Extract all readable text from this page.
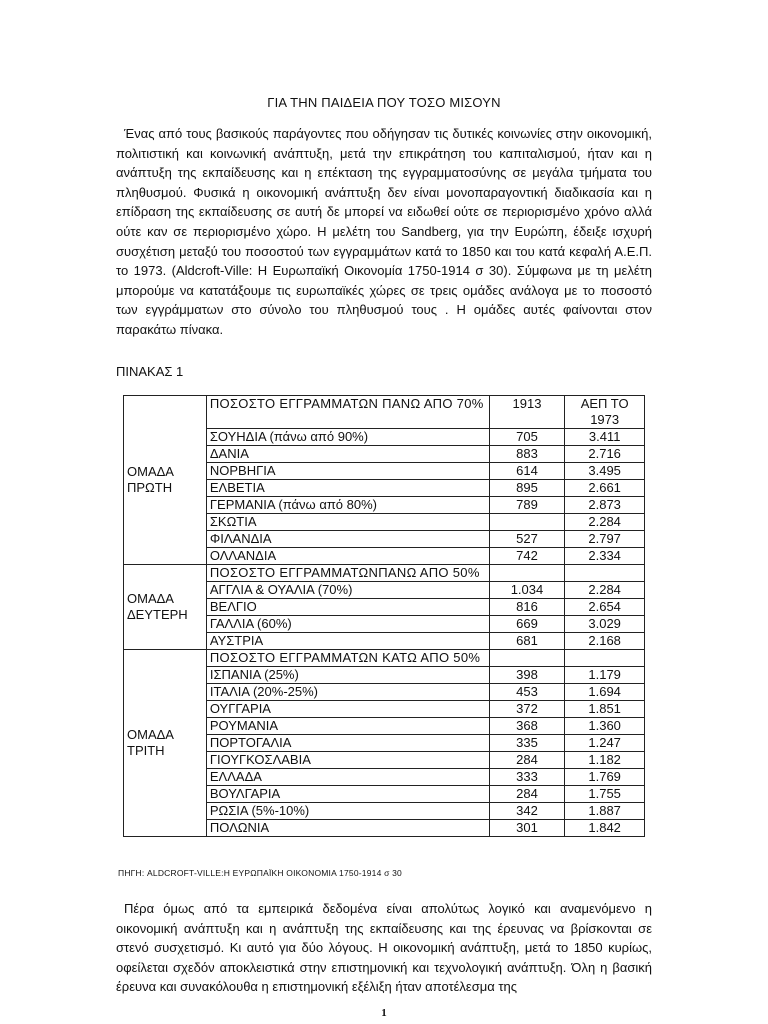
ΓΙΑ ΤΗΝ ΠΑΙΔΕΙΑ ΠΟΥ ΤΟΣΟ ΜΙΣΟΥΝ

Ένας από τους βασικούς παράγοντες που οδήγησαν τις δυτικές κοινωνίες στην οικονομική, πολιτιστική και κοινωνική ανάπτυξη, μετά την επικράτηση του καπιταλισμού, ήταν και η ανάπτυξη της εκπαίδευσης και η επέκταση της εγγραμματοσύνης σε μεγάλα τμήματα του πληθυσμού. Φυσικά η οικονομική ανάπτυξη δεν είναι μονοπαραγοντική διαδικασία και η επίδραση της εκπαίδευσης σε αυτή δε μπορεί να ειδωθεί ούτε σε περιορισμένο χρόνο αλλά ούτε καν σε περιορισμένο χώρο. Η μελέτη του Sandberg, για την Ευρώπη, έδειξε ισχυρή συσχέτιση μεταξύ του ποσοστού των εγγραμμάτων κατά το 1850 και του κατά κεφαλή Α.Ε.Π. το 1973. (Aldcroft-Ville: Η Ευρωπαϊκή Οικονομία 1750-1914 σ 30). Σύμφωνα με τη μελέτη μπορούμε να κατατάξουμε τις ευρωπαϊκές χώρες σε τρεις ομάδες ανάλογα με το ποσοστό των εγγράμματων στο σύνολο του πληθυσμού τους . Η ομάδες αυτές φαίνονται στον παρακάτω πίνακα.

ΠΙΝΑΚΑΣ 1
ΟΜΑΔΑ ΠΡΩΤΗ	ΠΟΣΟΣΤΟ ΕΓΓΡΑΜΜΑΤΩΝ ΠΑΝΩ ΑΠΟ 70%	1913	ΑΕΠ ΤΟ 1973
	ΣΟΥΗΔΙΑ (πάνω από 90%)	705	3.411
	ΔΑΝΙΑ	883	2.716
	ΝΟΡΒΗΓΙΑ	614	3.495
	ΕΛΒΕΤΙΑ	895	2.661
	ΓΕΡΜΑΝΙΑ (πάνω από 80%)	789	2.873
	ΣΚΩΤΙΑ		2.284
	ΦΙΛΑΝΔΙΑ	527	2.797
	ΟΛΛΑΝΔΙΑ	742	2.334
ΟΜΑΔΑ ΔΕΥΤΕΡΗ	ΠΟΣΟΣΤΟ ΕΓΓΡΑΜΜΑΤΩΝΠΑΝΩ ΑΠΟ 50%		
	ΑΓΓΛΙΑ & ΟΥΑΛΙΑ (70%)	1.034	2.284
	ΒΕΛΓΙΟ	816	2.654
	ΓΑΛΛΙΑ (60%)	669	3.029
	ΑΥΣΤΡΙΑ	681	2.168
ΟΜΑΔΑ ΤΡΙΤΗ	ΠΟΣΟΣΤΟ ΕΓΓΡΑΜΜΑΤΩΝ ΚΑΤΩ ΑΠΟ 50%		
	ΙΣΠΑΝΙΑ (25%)	398	1.179
	ΙΤΑΛΙΑ (20%-25%)	453	1.694
	ΟΥΓΓΑΡΙΑ	372	1.851
	ΡΟΥΜΑΝΙΑ	368	1.360
	ΠΟΡΤΟΓΑΛΙΑ	335	1.247
	ΓΙΟΥΓΚΟΣΛΑΒΙΑ	284	1.182
	ΕΛΛΑΔΑ	333	1.769
	ΒΟΥΛΓΑΡΙΑ	284	1.755
	ΡΩΣΙΑ (5%-10%)	342	1.887
	ΠΟΛΩΝΙΑ	301	1.842
ΠΗΓΗ: ALDCROFT-VILLE:Η ΕΥΡΩΠΑΪΚΗ ΟΙΚΟΝΟΜΙΑ 1750-1914 σ 30

Πέρα όμως από τα εμπειρικά δεδομένα είναι απολύτως λογικό και αναμενόμενο η οικονομική ανάπτυξη και η ανάπτυξη της εκπαίδευσης και της έρευνας να βρίσκονται σε στενό συσχετισμό. Κι αυτό για δύο λόγους. Η οικονομική ανάπτυξη, μετά το 1850 κυρίως, οφείλεται σχεδόν αποκλειστικά στην επιστημονική και τεχνολογική ανάπτυξη. Όλη η βασική έρευνα και συνακόλουθα η επιστημονική εξέλιξη ήταν αποτέλεσμα της

1
